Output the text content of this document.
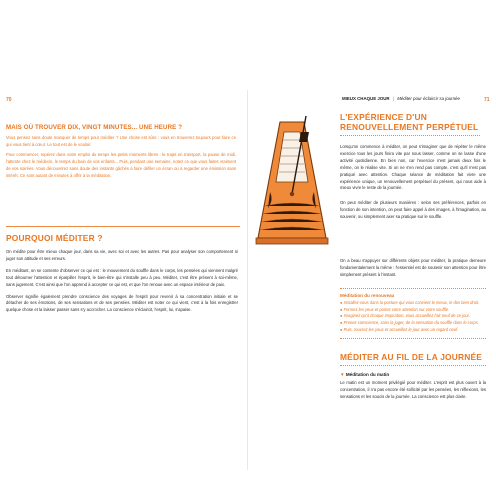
70
MAIS OÙ TROUVER DIX, VINGT MINUTES... UNE HEURE ?

Vous pensez sans doute manquer de temps pour méditer ? Une chose est sûre : vous en trouverez toujours pour faire ce qui vous tient à cœur. Le tout est de le vouloir.

Pour commencer, repérez dans votre emploi du temps les petits moments libres : le trajet en transport, la pause de midi, l'attente chez le médecin, le temps du bain de vos enfants... Puis, pendant une semaine, notez ce que vous faites vraiment de vos soirées. Vous découvrirez sans doute des instants gâchés à faire défiler un écran ou à regarder une émission sans intérêt. Ce sont autant de minutes à offrir à la méditation.

POURQUOI MÉDITER ?

On médite pour être mieux chaque jour, dans sa vie, avec soi et avec les autres. Pas pour analyser son comportement ni juger son attitude et ses erreurs.

En méditant, on se contente d'observer ce qui est : le mouvement du souffle dans le corps, les pensées qui viennent malgré tout détourner l'attention et éparpiller l'esprit, le bien-être qui s'installe peu à peu. Méditer, c'est être présent à soi-même, sans jugement. C'est ainsi que l'on apprend à accepter ce qui est, et que l'on renoue avec un espace intérieur de paix.

Observer signifie également prendre conscience des voyages de l'esprit pour revenir à sa concentration initiale et se détacher de ses émotions, de ses sensations et de ses pensées. Méditer est noter ce qui vient, c'est à la fois enregistrer quelque chose et la laisser passer sans s'y accrocher. La conscience s'éclaircit, l'esprit, lui, s'apaise.

MIEUX CHAQUE JOUR | Méditer pour éclaircir sa journée	71
L'EXPÉRIENCE D'UN RENOUVELLEMENT PERPÉTUEL

Lorsqu'on commence à méditer, on peut s'imaginer que de répéter le même exercice tous les jours finira vite par nous lasser, comme on se lasse d'une activité quotidienne. En bien non, car l'exercice n'est jamais deux fois le même, on le réalise vite. Si on ne s'en rend pas compte, c'est qu'il n'est pas pratiqué avec attention. Chaque séance de méditation fait vivre une expérience unique, un renouvellement perpétuel du présent, qui nous aide à mieux vivre le reste de la journée.

On peut méditer de plusieurs manières : selon ses préférences, parfois en fonction de son intention, on peut faire appel à des images, à l'imagination, au souvenir, ou simplement axer sa pratique sur le souffle.

On a beau s'appuyer sur différents objets pour méditer, la pratique demeure fondamentalement la même : l'essentiel est de soutenir son attention pour être simplement présent à l'instant.

Méditation du renouveau

● Installez-vous dans la posture qui vous convient le mieux, le dos bien droit.

● Fermez les yeux et portez votre attention sur votre souffle.

● Imaginez qu'à chaque inspiration, vous accueillez l'air neuf de ce jour.

● Prenez conscience, sans la juger, de la sensation du souffle dans le corps.

● Puis, rouvrez les yeux et accueillez le jour avec un regard neuf.

MÉDITER AU FIL DE LA JOURNÉE

▼ Méditation du matin

Le matin est un moment privilégié pour méditer. L'esprit est plus ouvert à la concentration, il n'a pas encore été sollicité par les pensées, les réflexions, les sensations et les soucis de la journée. La conscience est plus claire.
